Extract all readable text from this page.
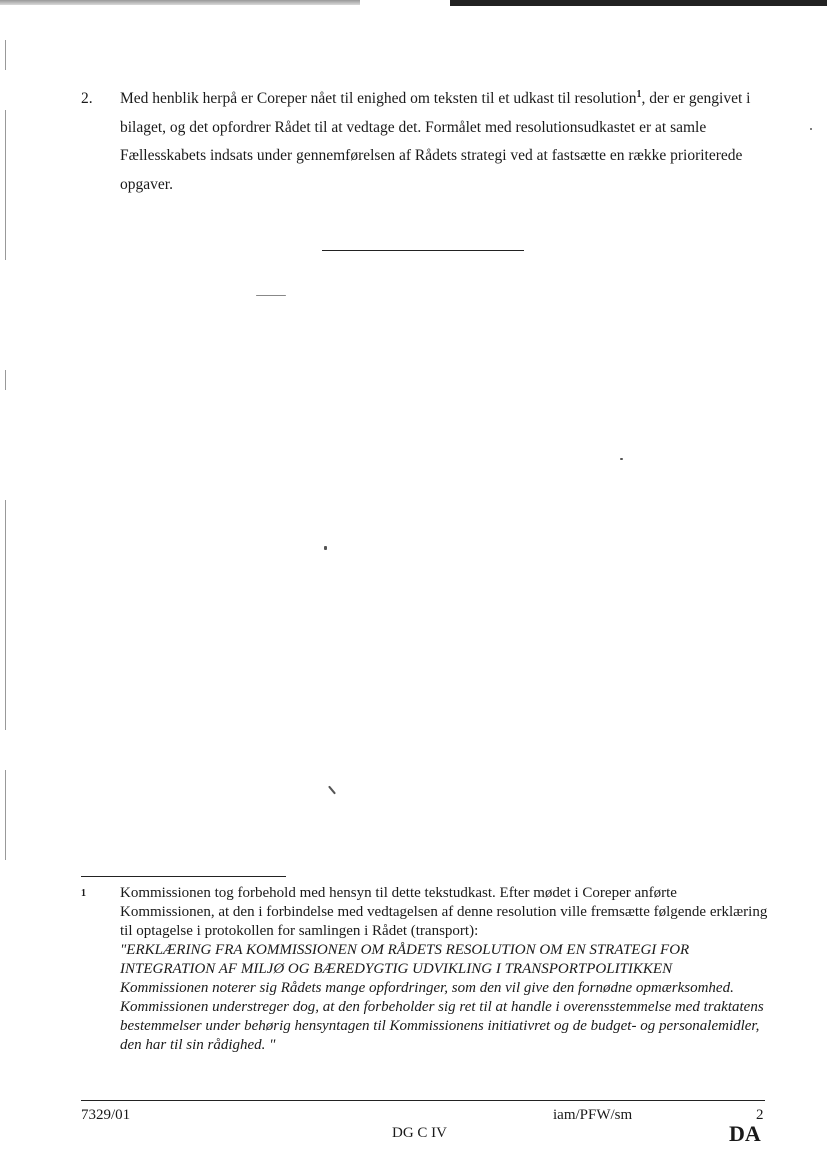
2. Med henblik herpå er Coreper nået til enighed om teksten til et udkast til resolution$^1$, der er gengivet i bilaget, og det opfordrer Rådet til at vedtage det. Formålet med resolutionsudkastet er at samle Fællesskabets indsats under gennemførelsen af Rådets strategi ved at fastsætte en række prioriterede opgaver.
1 Kommissionen tog forbehold med hensyn til dette tekstudkast. Efter mødet i Coreper anførte Kommissionen, at den i forbindelse med vedtagelsen af denne resolution ville fremsætte følgende erklæring til optagelse i protokollen for samlingen i Rådet (transport):
"ERKLÆRING FRA KOMMISSIONEN OM RÅDETS RESOLUTION OM EN STRATEGI FOR INTEGRATION AF MILJØ OG BÆREDYGTIG UDVIKLING I TRANSPORTPOLITIKKEN
Kommissionen noterer sig Rådets mange opfordringer, som den vil give den fornødne opmærksomhed. Kommissionen understreger dog, at den forbeholder sig ret til at handle i overensstemmelse med traktatens bestemmelser under behørig hensyntagen til Kommissionens initiativret og de budget- og personalemidler, den har til sin rådighed. "
7329/01	iam/PFW/sm	2
DG C IV	DA
